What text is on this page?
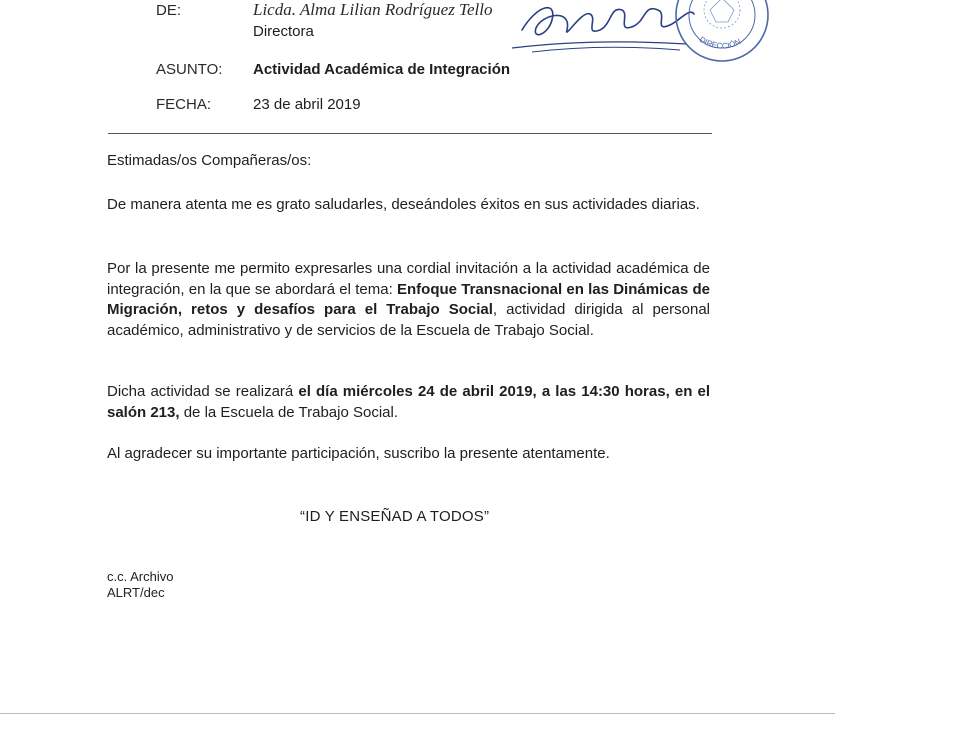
DE:	Licda. Alma Lilian Rodríguez Tello
Directora
DIRECCIÓN
ASUNTO: Actividad Académica de Integración
FECHA:	23 de abril 2019

Estimadas/os Compañeras/os:

De manera atenta me es grato saludarles, deseándoles éxitos en sus actividades diarias.

Por la presente me permito expresarles una cordial invitación a la actividad académica de integración, en la que se abordará el tema: Enfoque Transnacional en las Dinámicas de Migración, retos y desafíos para el Trabajo Social, actividad dirigida al personal académico, administrativo y de servicios de la Escuela de Trabajo Social.

Dicha actividad se realizará el día miércoles 24 de abril 2019, a las 14:30 horas, en el salón 213, de la Escuela de Trabajo Social.

Al agradecer su importante participación, suscribo la presente atentamente.

“ID Y ENSEÑAD A TODOS”
c.c. Archivo
ALRT/dec
